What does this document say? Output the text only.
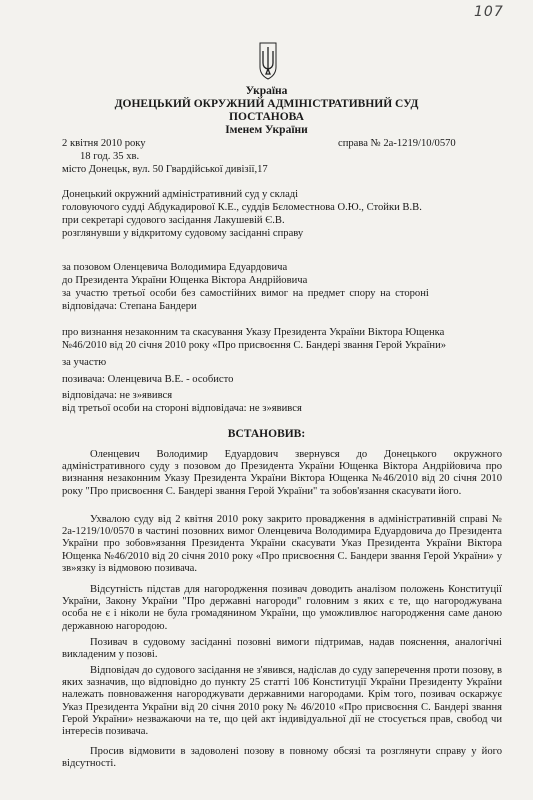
107
Україна
ДОНЕЦЬКИЙ ОКРУЖНИЙ АДМІНІСТРАТИВНИЙ СУД
ПОСТАНОВА
Іменем України
2 квітня 2010 року	справа № 2а-1219/10/0570
18 год. 35 хв.
місто Донецьк, вул. 50 Гвардійської дивізії,17
Донецький окружний адміністративний суд у складі
головуючого судді Абдукадирової К.Е., суддів Бєломестнова О.Ю., Стойки В.В.
при секретарі судового засідання Лакушевій Є.В.
розглянувши у відкритому судовому засіданні справу
за позовом Оленцевича Володимира Едуардовича
до Президента України Ющенка Віктора Андрійовича
за участю третьої особи без самостійних вимог на предмет спору на стороні
відповідача: Степана Бандери
про визнання незаконним та скасування Указу Президента України Віктора Ющенка
№46/2010 від 20 січня 2010 року «Про присвоєння С. Бандері звання Герой України»
за участю
позивача: Оленцевича В.Е. - особисто
відповідача: не з»явився
від третьої особи на стороні відповідача: не з»явився
ВСТАНОВИВ:
Оленцевич Володимир Едуардович звернувся до Донецького окружного адміністративного суду з позовом до Президента України Ющенка Віктора Андрійовича про визнання незаконним Указу Президента України Віктора Ющенка №46/2010 від 20 січня 2010 року "Про присвоєння С. Бандері звання Герой України" та зобов'язання скасувати його.
Ухвалою суду від 2 квітня 2010 року закрито провадження в адміністративній справі № 2а-1219/10/0570 в частині позовних вимог Оленцевича Володимира Едуардовича до Президента України про зобов»язання Президента України скасувати Указ Президента України Віктора Ющенка №46/2010 від 20 січня 2010 року «Про присвоєння С. Бандери звання Герой України» у зв»язку із відмовою позивача.
Відсутність підстав для нагородження позивач доводить аналізом положень Конституції України, Закону України "Про державні нагороди" головним з яких є те, що нагороджувана особа не є і ніколи не була громадянином України, що уможливлює нагородження саме даною державною нагородою.
Позивач в судовому засіданні позовні вимоги підтримав, надав пояснення, аналогічні викладеним у позові.
Відповідач до судового засідання не з'явився, надіслав до суду заперечення проти позову, в яких зазначив, що відповідно до пункту 25 статті 106 Конституції України Президенту України належать повноваження нагороджувати державними нагородами. Крім того, позивач оскаржує Указ Президента України від 20 січня 2010 року № 46/2010 «Про присвоєння С. Бандері звання Герой України» незважаючи на те, що цей акт індивідуальної дії не стосується прав, свобод чи інтересів позивача.
Просив відмовити в задоволені позову в повному обсязі та розглянути справу у його відсутності.
